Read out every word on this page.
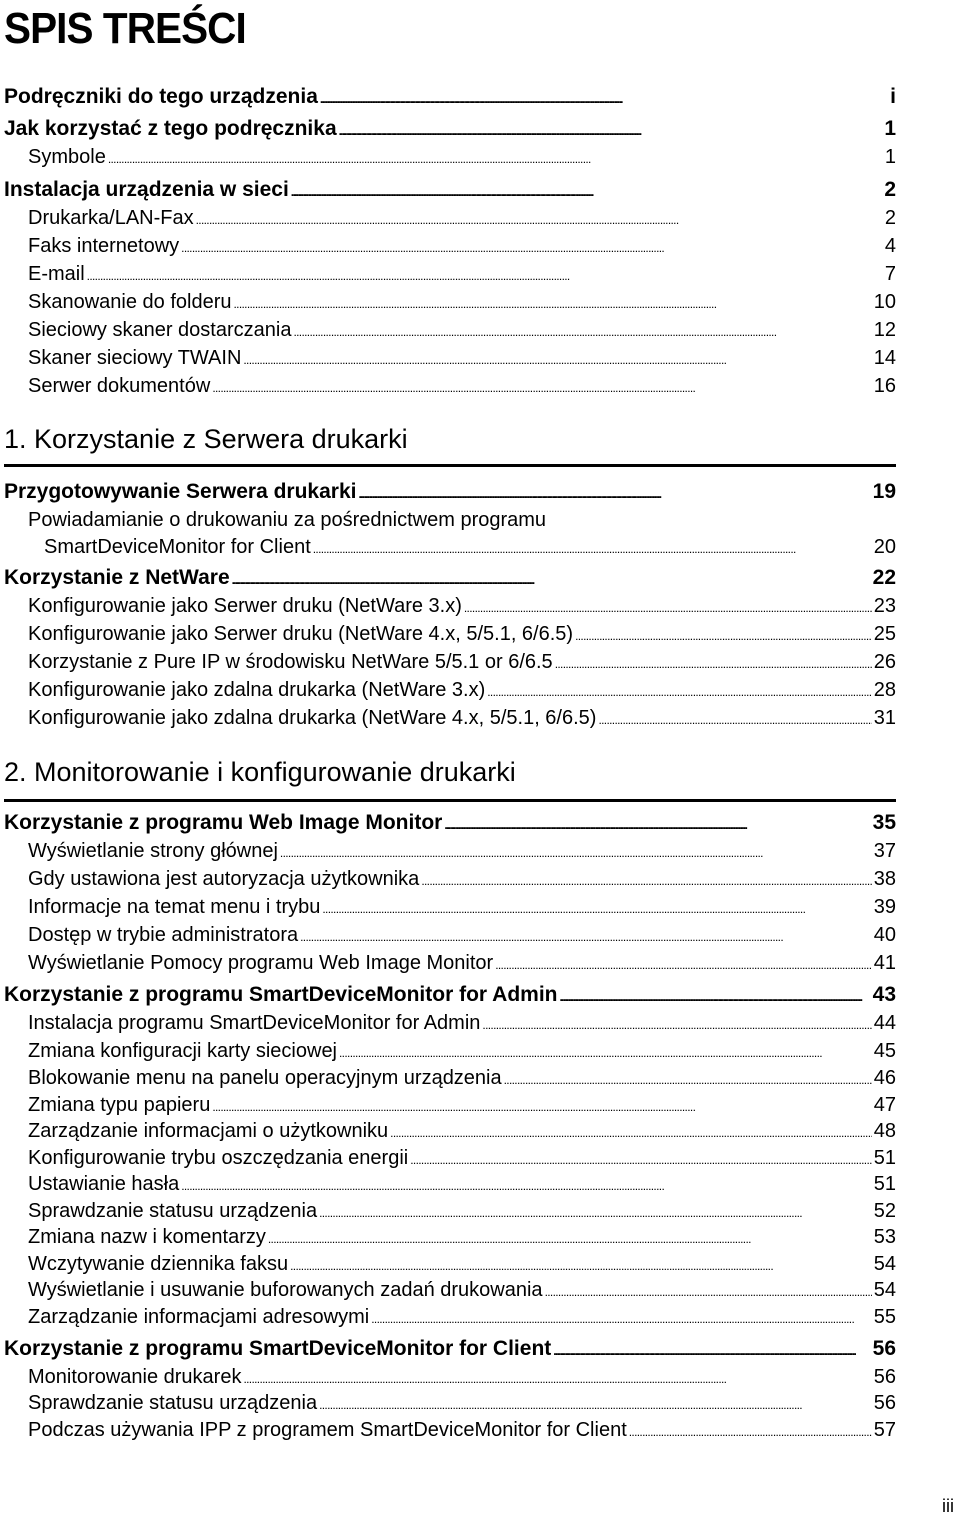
SPIS TREŚCI
Podręczniki do tego urządzenia . . .	i
Jak korzystać z tego podręcznika . . .	1
Symbole . . .	1
Instalacja urządzenia w sieci . . .	2
Drukarka/LAN-Fax . . .	2
Faks internetowy . . .	4
E-mail . . .	7
Skanowanie do folderu . . .	10
Sieciowy skaner dostarczania . . .	12
Skaner sieciowy TWAIN . . .	14
Serwer dokumentów . . .	16
1. Korzystanie z Serwera drukarki
Przygotowywanie Serwera drukarki . . .	19
Powiadamianie o drukowaniu za pośrednictwem programu
SmartDeviceMonitor for Client . . .	20
Korzystanie z NetWare . . .	22
Konfigurowanie jako Serwer druku (NetWare 3.x) . . .	23
Konfigurowanie jako Serwer druku (NetWare 4.x, 5/5.1, 6/6.5) . . .	25
Korzystanie z Pure IP w środowisku NetWare 5/5.1 or 6/6.5 . . .	26
Konfigurowanie jako zdalna drukarka (NetWare 3.x) . . .	28
Konfigurowanie jako zdalna drukarka (NetWare 4.x, 5/5.1, 6/6.5) . . .	31
2. Monitorowanie i konfigurowanie drukarki
Korzystanie z programu Web Image Monitor . . .	35
Wyświetlanie strony głównej . . .	37
Gdy ustawiona jest autoryzacja użytkownika . . .	38
Informacje na temat menu i trybu . . .	39
Dostęp w trybie administratora . . .	40
Wyświetlanie Pomocy programu Web Image Monitor . . .	41
Korzystanie z programu SmartDeviceMonitor for Admin . . .	43
Instalacja programu SmartDeviceMonitor for Admin . . .	44
Zmiana konfiguracji karty sieciowej . . .	45
Blokowanie menu na panelu operacyjnym urządzenia . . .	46
Zmiana typu papieru . . .	47
Zarządzanie informacjami o użytkowniku . . .	48
Konfigurowanie trybu oszczędzania energii . . .	51
Ustawianie hasła . . .	51
Sprawdzanie statusu urządzenia . . .	52
Zmiana nazw i komentarzy . . .	53
Wczytywanie dziennika faksu . . .	54
Wyświetlanie i usuwanie buforowanych zadań drukowania . . .	54
Zarządzanie informacjami adresowymi . . .	55
Korzystanie z programu SmartDeviceMonitor for Client . . .	56
Monitorowanie drukarek . . .	56
Sprawdzanie statusu urządzenia . . .	56
Podczas używania IPP z programem SmartDeviceMonitor for Client . . .	57
iii
